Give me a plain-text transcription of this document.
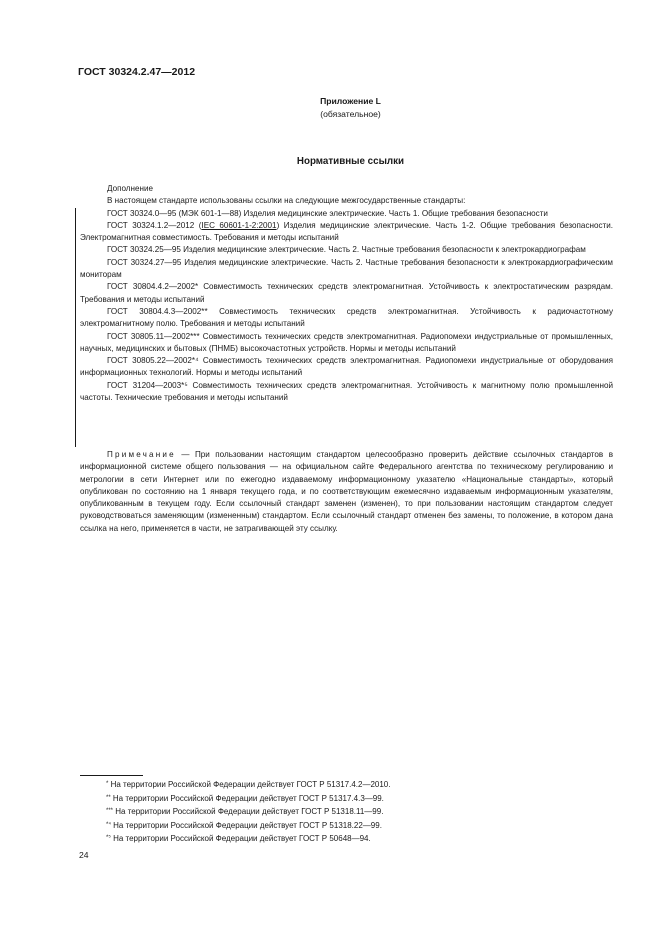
ГОСТ 30324.2.47—2012
Приложение L
(обязательное)
Нормативные ссылки

Дополнение

В настоящем стандарте использованы ссылки на следующие межгосударственные стандарты:

ГОСТ 30324.0—95 (МЭК 601-1—88) Изделия медицинские электрические. Часть 1. Общие требования безопасности

ГОСТ 30324.1.2—2012 (IEC 60601-1-2:2001) Изделия медицинские электрические. Часть 1-2. Общие требования безопасности. Электромагнитная совместимость. Требования и методы испытаний

ГОСТ 30324.25—95 Изделия медицинские электрические. Часть 2. Частные требования безопасности к электрокардиографам

ГОСТ 30324.27—95 Изделия медицинские электрические. Часть 2. Частные требования безопасности к электрокардиографическим мониторам

ГОСТ 30804.4.2—2002* Совместимость технических средств электромагнитная. Устойчивость к электростатическим разрядам. Требования и методы испытаний

ГОСТ 30804.4.3—2002** Совместимость технических средств электромагнитная. Устойчивость к радиочастотному электромагнитному полю. Требования и методы испытаний

ГОСТ 30805.11—2002*** Совместимость технических средств электромагнитная. Радиопомехи индустриальные от промышленных, научных, медицинских и бытовых (ПНМБ) высокочастотных устройств. Нормы и методы испытаний

ГОСТ 30805.22—2002*⁴ Совместимость технических средств электромагнитная. Радиопомехи индустриальные от оборудования информационных технологий. Нормы и методы испытаний

ГОСТ 31204—2003*⁵ Совместимость технических средств электромагнитная. Устойчивость к магнитному полю промышленной частоты. Технические требования и методы испытаний

Примечание — При пользовании настоящим стандартом целесообразно проверить действие ссылочных стандартов в информационной системе общего пользования — на официальном сайте Федерального агентства по техническому регулированию и метрологии в сети Интернет или по ежегодно издаваемому информационному указателю «Национальные стандарты», который опубликован по состоянию на 1 января текущего года, и по соответствующим ежемесячно издаваемым информационным указателям, опубликованным в текущем году. Если ссылочный стандарт заменен (изменен), то при пользовании настоящим стандартом следует руководствоваться заменяющим (измененным) стандартом. Если ссылочный стандарт отменен без замены, то положение, в котором дана ссылка на него, применяется в части, не затрагивающей эту ссылку.

* На территории Российской Федерации действует ГОСТ Р 51317.4.2—2010.
** На территории Российской Федерации действует ГОСТ Р 51317.4.3—99.
*** На территории Российской Федерации действует ГОСТ Р 51318.11—99.
$^{*^4}$ На территории Российской Федерации действует ГОСТ Р 51318.22—99.
$^{*^5}$ На территории Российской Федерации действует ГОСТ Р 50648—94.
24
